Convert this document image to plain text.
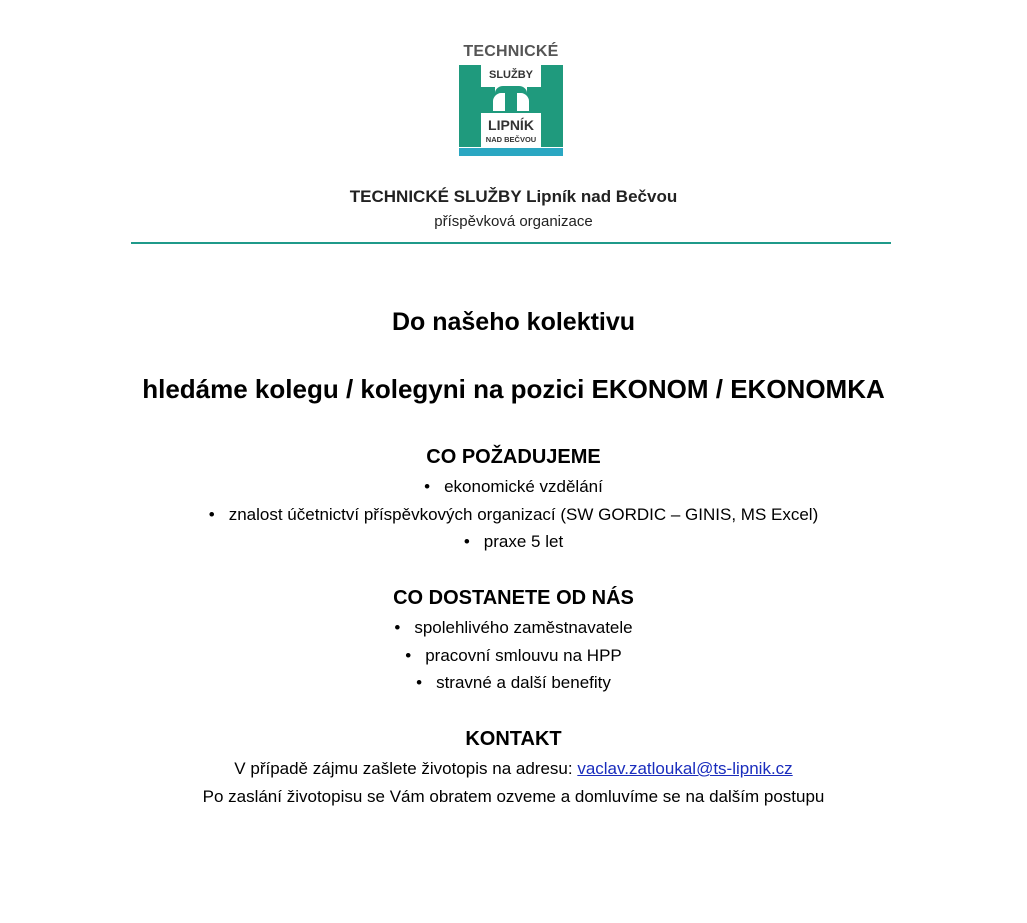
TECHNICKÉ
SLUŽBY
LIPNÍK
NAD BEČVOU
TECHNICKÉ SLUŽBY Lipník nad Bečvou
příspěvková organizace
Do našeho kolektivu
hledáme kolegu / kolegyni na pozici EKONOM / EKONOMKA
CO POŽADUJEME
• ekonomické vzdělání
• znalost účetnictví příspěvkových organizací (SW GORDIC – GINIS, MS Excel)
• praxe 5 let
CO DOSTANETE OD NÁS
• spolehlivého zaměstnavatele
• pracovní smlouvu na HPP
• stravné a další benefity
KONTAKT
V případě zájmu zašlete životopis na adresu: vaclav.zatloukal@ts-lipnik.cz
Po zaslání životopisu se Vám obratem ozveme a domluvíme se na dalším postupu
